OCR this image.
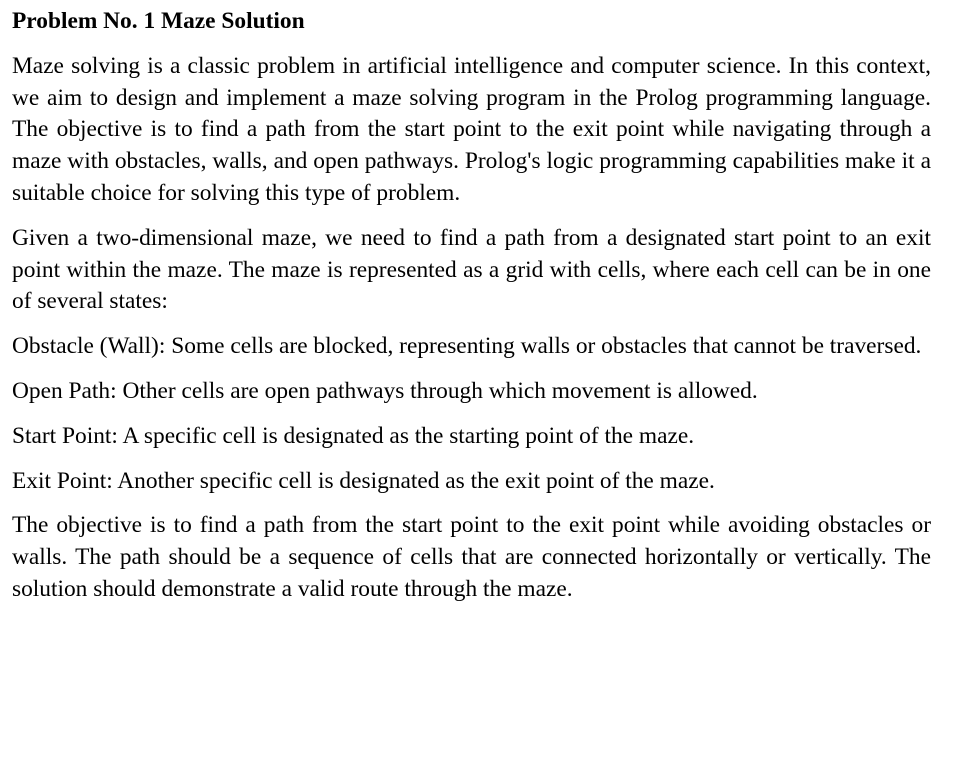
Problem No. 1 Maze Solution

Maze solving is a classic problem in artificial intelligence and computer science. In this context, we aim to design and implement a maze solving program in the Prolog programming language. The objective is to find a path from the start point to the exit point while navigating through a maze with obstacles, walls, and open pathways. Prolog's logic programming capabilities make it a suitable choice for solving this type of problem.

Given a two-dimensional maze, we need to find a path from a designated start point to an exit point within the maze. The maze is represented as a grid with cells, where each cell can be in one of several states:

Obstacle (Wall): Some cells are blocked, representing walls or obstacles that cannot be traversed.

Open Path: Other cells are open pathways through which movement is allowed.

Start Point: A specific cell is designated as the starting point of the maze.

Exit Point: Another specific cell is designated as the exit point of the maze.

The objective is to find a path from the start point to the exit point while avoiding obstacles or walls. The path should be a sequence of cells that are connected horizontally or vertically. The solution should demonstrate a valid route through the maze.
